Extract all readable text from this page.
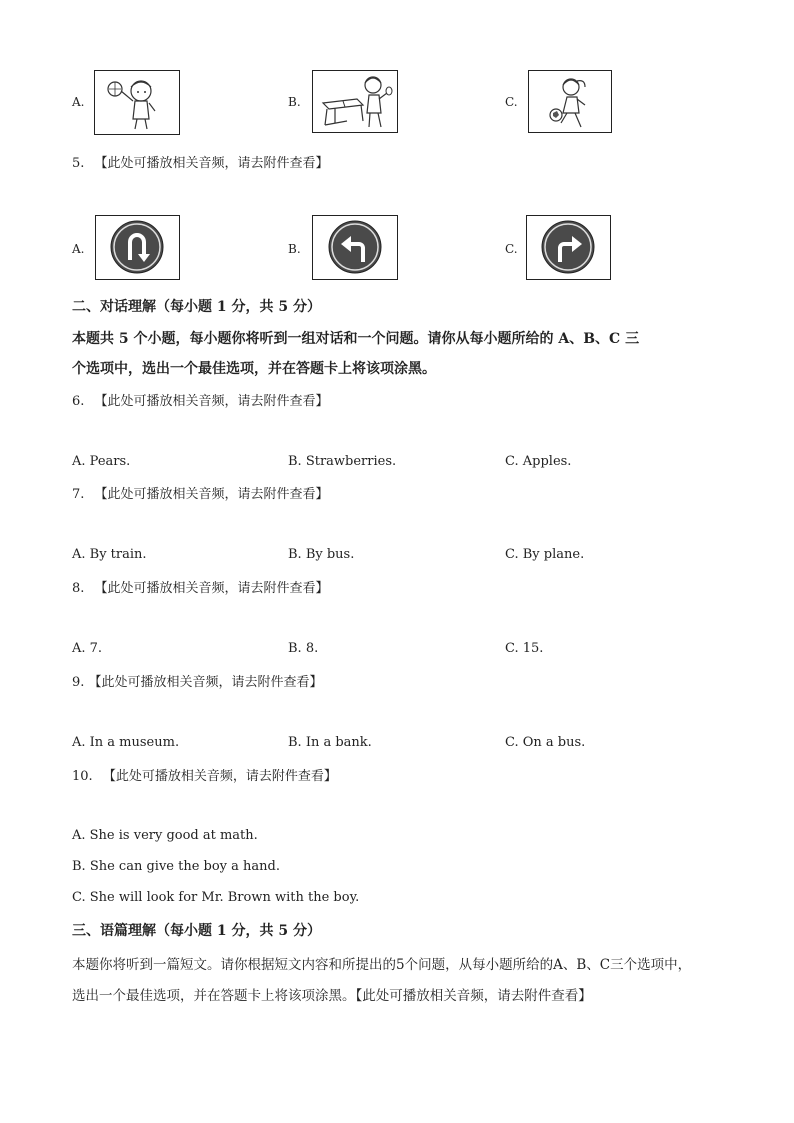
A.	B.	C.
5. 【此处可播放相关音频，请去附件查看】
A.	B.	C.
二、对话理解（每小题 1 分，共 5 分）
本题共 5 个小题，每小题你将听到一组对话和一个问题。请你从每小题所给的 A、B、C 三
个选项中，选出一个最佳选项，并在答题卡上将该项涂黑。
6. 【此处可播放相关音频，请去附件查看】
A. Pears.	B. Strawberries.	C. Apples.
7. 【此处可播放相关音频，请去附件查看】
A. By train.	B. By bus.	C. By plane.
8. 【此处可播放相关音频，请去附件查看】
A. 7.	B. 8.	C. 15.
9. 【此处可播放相关音频，请去附件查看】
A. In a museum.	B. In a bank.	C. On a bus.
10. 【此处可播放相关音频，请去附件查看】
A. She is very good at math.
B. She can give the boy a hand.
C. She will look for Mr. Brown with the boy.
三、语篇理解（每小题 1 分，共 5 分）
本题你将听到一篇短文。请你根据短文内容和所提出的5个问题，从每小题所给的A、B、C三个选项中，
选出一个最佳选项，并在答题卡上将该项涂黑。【此处可播放相关音频，请去附件查看】
